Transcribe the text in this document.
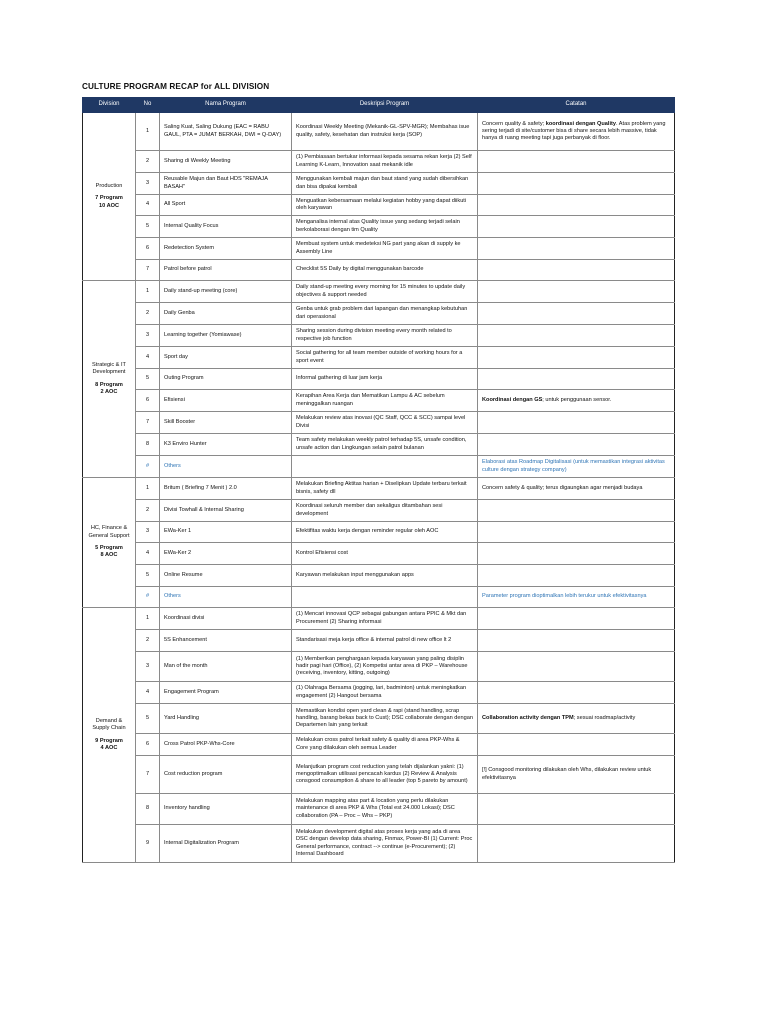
CULTURE PROGRAM RECAP for ALL DIVISION
Division	No	Nama Program	Deskripsi Program	Catatan

Production
7 Program
10 AOC	1	Saling Kuat, Saling Dukung (EAC = RABU GAUL, PTA = JUMAT BERKAH, DWI = Q-DAY)	Koordinasi Weekly Meeting (Mekanik-GL-SPV-MGR); Membahas isue quality, safety, kesehatan dan instruksi kerja (SOP)	Concern quality & safety; koordinasi dengan Quality. Atas problem yang sering terjadi di site/customer bisa di share secara lebih massive, tidak hanya di ruang meeting tapi juga perbanyak di floor.
	2	Sharing di Weekly Meeting	(1) Pembiasaan bertukar informasi kepada sesama rekan kerja (2) Self Learning K-Learn, Innovation saat mekanik idle	
	3	Reusable Majun dan Baut HDS "REMAJA BASAH"	Menggunakan kembali majun dan baut stand yang sudah dibersihkan dan bisa dipakai kembali	
	4	All Sport	Menguatkan kebersamaan melalui kegiatan hobby yang dapat diikuti oleh karyawan	
	5	Internal Quality Focus	Menganalisa internal atas Quality issue yang sedang terjadi selain berkolaborasi dengan tim Quality	
	6	Redetection System	Membuat system untuk medeteksi NG part yang akan di supply ke Assembly Line	
	7	Patrol before patrol	Checklist 5S Daily by digital menggunakan barcode	

Strategic & IT Development
8 Program
2 AOC	1	Daily stand-up meeting (core)	Daily stand-up meeting every morning for 15 minutes to update daily objectives & support needed	
	2	Daily Genba	Genba untuk grab problem dari lapangan dan menangkap kebutuhan dari operasional	
	3	Learning together (Yomiawase)	Sharing session during division meeting every month related to respective job function	
	4	Sport day	Social gathering for all team member outside of working hours for a sport event	
	5	Outing Program	Informal gathering di luar jam kerja	
	6	Efisiensi	Kerapihan Area Kerja dan Mematikan Lampu & AC sebelum meninggalkan ruangan	Koordinasi dengan GS; untuk penggunaan sensor.
	7	Skill Booster	Melakukan review atas inovasi (QC Staff, QCC & SCC) sampai level Divisi	
	8	K3 Enviro Hunter	Team safety melakukan weekly patrol terhadap 5S, unsafe condition, unsafe action dan Lingkungan selain patrol bulanan	
	#	Others		Elaborasi atas Roadmap Digitalisasi (untuk memastikan integrasi aktivitas culture dengan strategy company)

HC, Finance & General Support
5 Program
8 AOC	1	Britum ( Briefing 7 Menit ) 2.0	Melakukan Briefing Aktitas harian + Diselipkan Update terbaru terkait bisnis, safety dll	Concern safety & quality; terus digaungkan agar menjadi budaya
	2	Divisi Towhall & Internal Sharing	Koordinasi seluruh member dan sekaligus ditambahan sesi development	
	3	EWa-Ker 1	Efektifitas waktu kerja dengan reminder regular oleh AOC	
	4	EWa-Ker 2	Kontrol Efisiensi cost	
	5	Online Resume	Karyawan melakukan input menggunakan apps	
	#	Others		Parameter program dioptimalkan lebih terukur untuk efektivitasnya

Demand & Supply Chain
9 Program
4 AOC	1	Koordinasi divisi	(1) Mencari innovasi QCP sebagai gabungan antara PPIC & Mkt dan Procurement (2) Sharing informasi	
	2	5S Enhancement	Standarisasi meja kerja office & internal patrol di new office lt 2	
	3	Man of the month	(1) Memberikan penghargaan kepada karyawan yang paling disiplin hadir pagi hari (Office), (2) Kompetisi antar area di PKP – Warehouse (receiving, inventory, kitting, outgoing)	
	4	Engagement Program	(1) Olahraga Bersama (jogging, lari, badminton) untuk meningkatkan engagement (2) Hangout bersama	
	5	Yard Handling	Memastikan kondisi open yard clean & rapi (stand handling, scrap handling, barang bekas back to Cust); DSC collaborate dengan dengan Departemen lain yang terkait	Collaboration activity dengan TPM; sesuai roadmap/activity
	6	Cross Patrol PKP-Whs-Core	Melakukan cross patrol terkait safety & quality di area PKP-Whs & Core yang dilakukan oleh semua Leader	
	7	Cost reduction program	Melanjutkan program cost reduction yang telah dijalankan yakni: (1) mengoptimalkan utilisasi pencacah kardus (2) Review & Analysis consgood consumption & share to all leader (top 5 pareto by amount)	[!] Consgood monitoring dilakukan oleh Whs, dilakukan review untuk efektivitasnya
	8	Inventory handling	Melakukan mapping atas part & location yang perlu dilakukan maintenance di area PKP & Whs (Total est 24.000 Lokasi); DSC collaboration (PA – Proc – Whs – PKP)	
	9	Internal Digitalization Program	Melakukan development digital atas proses kerja yang ada di area DSC dengan develop data sharing, Finmax, Power-BI (1) Current: Proc General performance, contract --> continue (e-Procurement); (2) Internal Dashboard	
